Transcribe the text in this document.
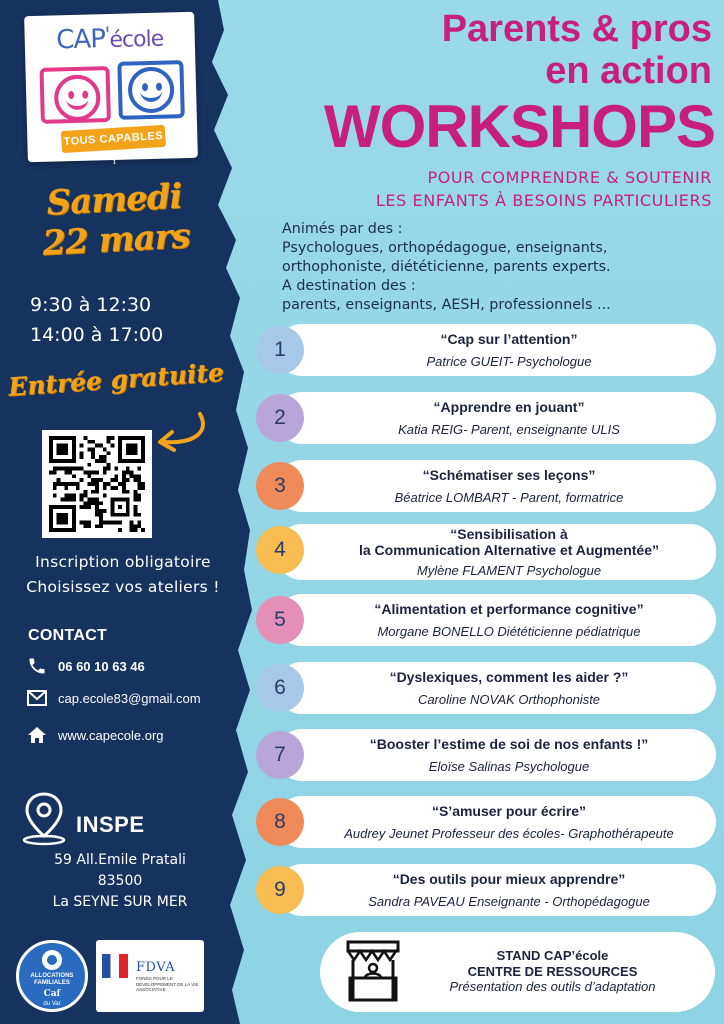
CAP'école
TOUS CAPABLES !
Samedi
22 mars
9:30 à 12:30
14:00 à 17:00
Entrée gratuite
Inscription obligatoire
Choisissez vos ateliers !
CONTACT
06 60 10 63 46
cap.ecole83@gmail.com
www.capecole.org
INSPE
59 All.Emile Pratali
83500
La SEYNE SUR MER
ALLOCATIONS FAMILIALES
Caf
du Var
FDVA
FONDS POUR LE DÉVELOPPEMENT DE LA VIE ASSOCIATIVE
Parents & pros
en action
WORKSHOPS
POUR COMPRENDRE & SOUTENIR
LES ENFANTS À BESOINS PARTICULIERS
Animés par des :
Psychologues, orthopédagogue, enseignants,
orthophoniste, diététicienne, parents experts.
A destination des :
parents, enseignants, AESH, professionnels ...
1	“Cap sur l’attention”
Patrice GUEIT- Psychologue
2	“Apprendre en jouant”
Katia REIG- Parent, enseignante ULIS
3	“Schématiser ses leçons”
Béatrice LOMBART - Parent, formatrice
4
“Sensibilisation à
la Communication Alternative et Augmentée”
Mylène FLAMENT Psychologue
5	“Alimentation et performance cognitive”
Morgane BONELLO Diététicienne pédiatrique
6	“Dyslexiques, comment les aider ?”
Caroline NOVAK Orthophoniste
7	“Booster l’estime de soi de nos enfants !”
Eloïse Salinas Psychologue
8	“S’amuser pour écrire”
Audrey Jeunet Professeur des écoles- Graphothérapeute
9	“Des outils pour mieux apprendre”
Sandra PAVEAU Enseignante - Orthopédagogue
STAND CAP’école
CENTRE DE RESSOURCES
Présentation des outils d’adaptation
